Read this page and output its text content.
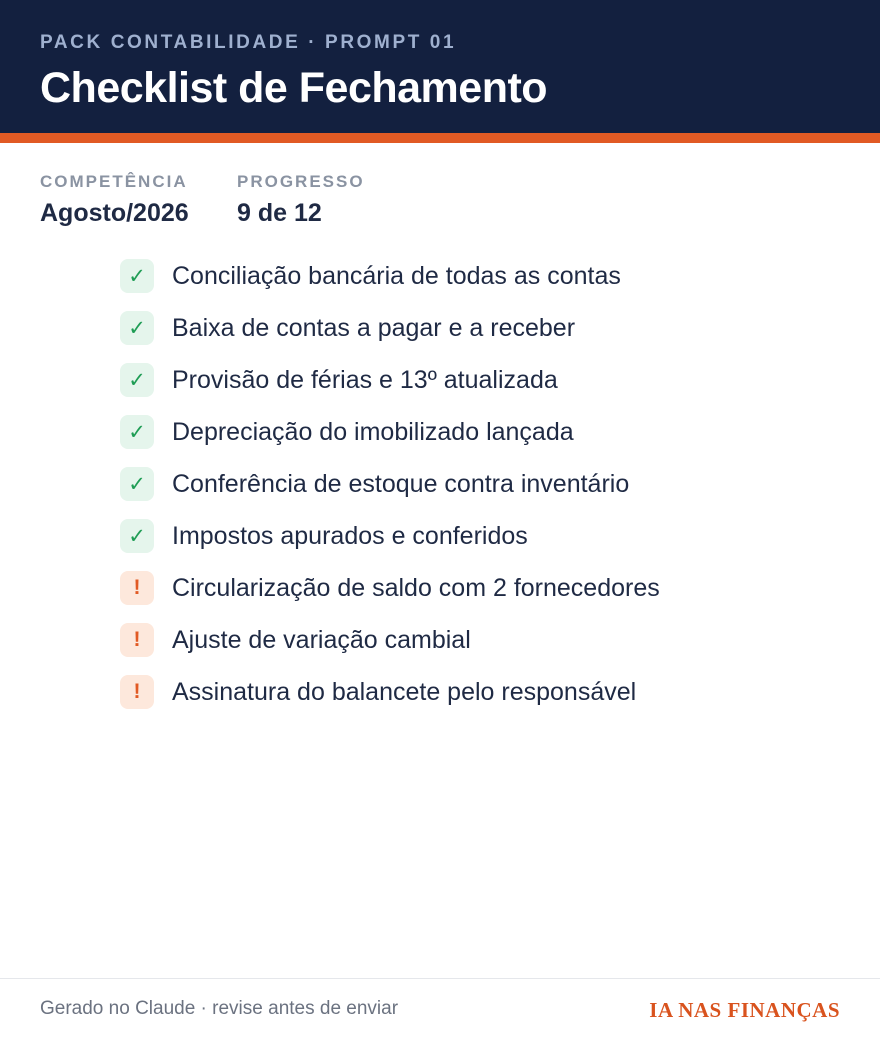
PACK CONTABILIDADE · PROMPT 01
Checklist de Fechamento
COMPETÊNCIA
Agosto/2026
PROGRESSO
9 de 12
✓	Conciliação bancária de todas as contas
✓	Baixa de contas a pagar e a receber
✓	Provisão de férias e 13º atualizada
✓	Depreciação do imobilizado lançada
✓	Conferência de estoque contra inventário
✓	Impostos apurados e conferidos
!	Circularização de saldo com 2 fornecedores
!	Ajuste de variação cambial
!	Assinatura do balancete pelo responsável
Gerado no Claude · revise antes de enviar	IA NAS FINANÇAS
